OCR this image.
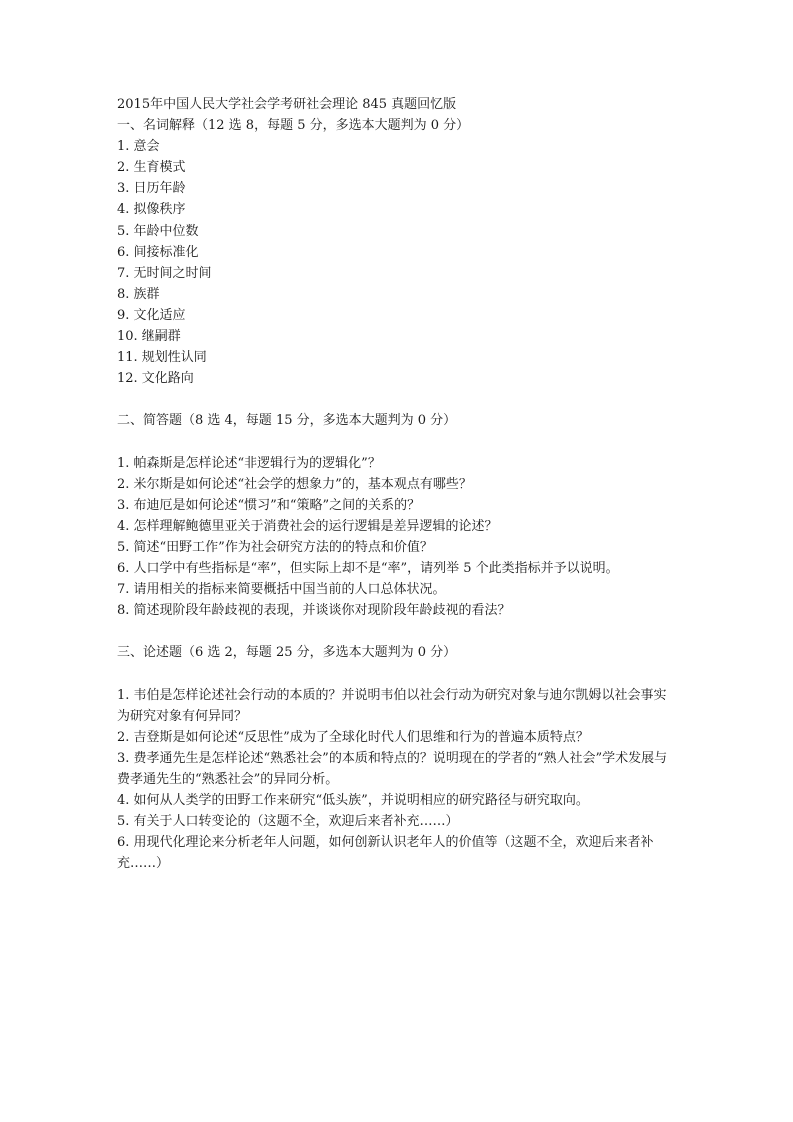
2015年中国人民大学社会学考研社会理论 845 真题回忆版

一、名词解释（12 选 8，每题 5 分，多选本大题判为 0 分）

1. 意会

2. 生育模式

3. 日历年龄

4. 拟像秩序

5. 年龄中位数

6. 间接标准化

7. 无时间之时间

8. 族群

9. 文化适应

10. 继嗣群

11. 规划性认同

12. 文化路向

二、简答题（8 选 4，每题 15 分，多选本大题判为 0 分）

1. 帕森斯是怎样论述“非逻辑行为的逻辑化”？

2. 米尔斯是如何论述“社会学的想象力”的，基本观点有哪些？

3. 布迪厄是如何论述“惯习”和“策略”之间的关系的？

4. 怎样理解鲍德里亚关于消费社会的运行逻辑是差异逻辑的论述？

5. 简述“田野工作”作为社会研究方法的的特点和价值？

6. 人口学中有些指标是“率”，但实际上却不是“率”，请列举 5 个此类指标并予以说明。

7. 请用相关的指标来简要概括中国当前的人口总体状况。

8. 简述现阶段年龄歧视的表现，并谈谈你对现阶段年龄歧视的看法？

三、论述题（6 选 2，每题 25 分，多选本大题判为 0 分）

1. 韦伯是怎样论述社会行动的本质的？并说明韦伯以社会行动为研究对象与迪尔凯姆以社会事实为研究对象有何异同？

2. 吉登斯是如何论述“反思性”成为了全球化时代人们思维和行为的普遍本质特点？

3. 费孝通先生是怎样论述“熟悉社会”的本质和特点的？说明现在的学者的“熟人社会”学术发展与费孝通先生的“熟悉社会”的异同分析。

4. 如何从人类学的田野工作来研究“低头族”，并说明相应的研究路径与研究取向。

5. 有关于人口转变论的（这题不全，欢迎后来者补充……）

6. 用现代化理论来分析老年人问题，如何创新认识老年人的价值等（这题不全，欢迎后来者补充……）
